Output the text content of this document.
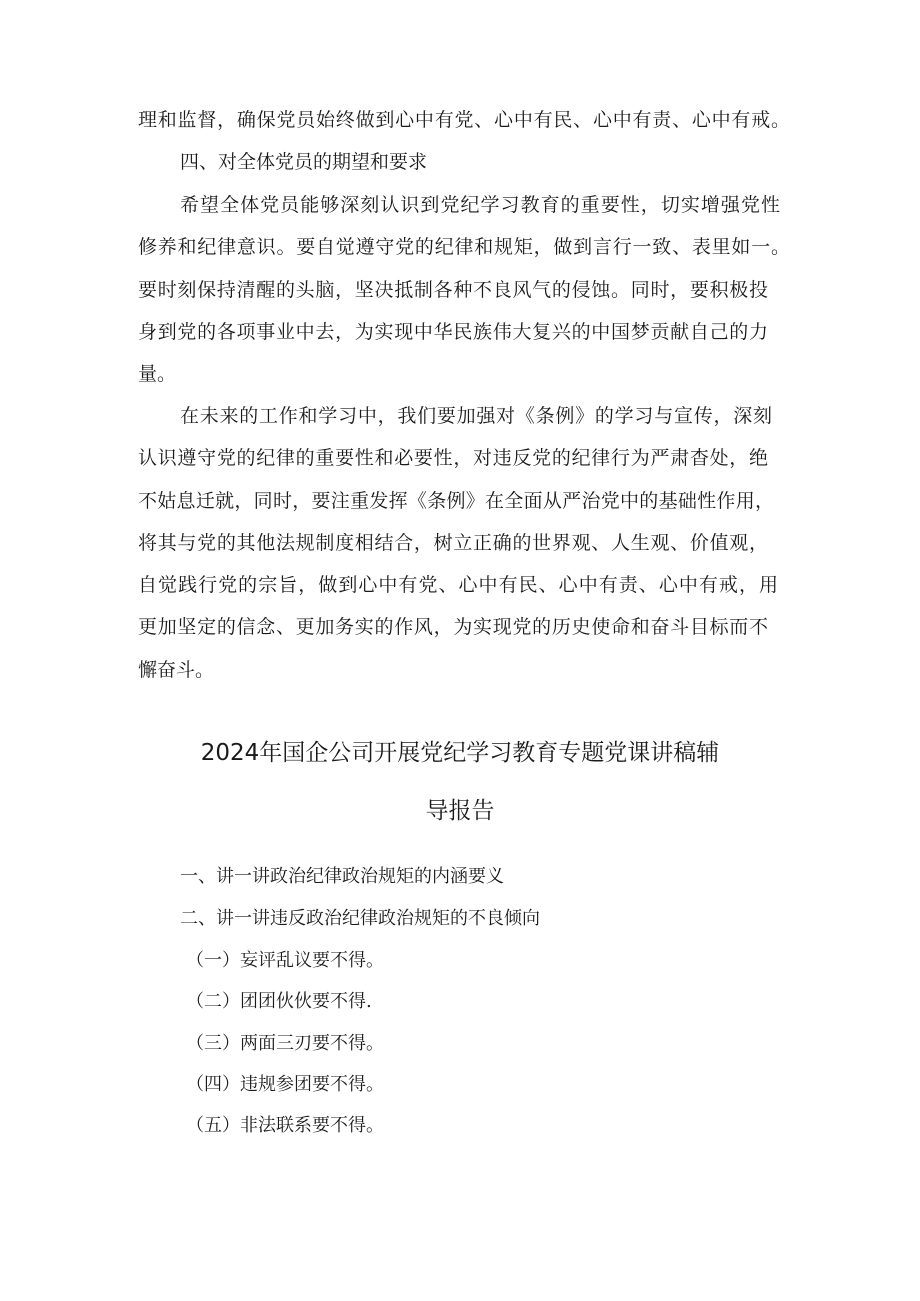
理和监督，确保党员始终做到心中有党、心中有民、心中有责、心中有戒。
四、对全体党员的期望和要求
希望全体党员能够深刻认识到党纪学习教育的重要性，切实增强党性
修养和纪律意识。要自觉遵守党的纪律和规矩，做到言行一致、表里如一。
要时刻保持清醒的头脑，坚决抵制各种不良风气的侵蚀。同时，要积极投
身到党的各项事业中去，为实现中华民族伟大复兴的中国梦贡献自己的力
量。
在未来的工作和学习中，我们要加强对《条例》的学习与宣传，深刻
认识遵守党的纪律的重要性和必要性，对违反党的纪律行为严肃杳处，绝
不姑息迁就，同时，要注重发挥《条例》在全面从严治党中的基础性作用，
将其与党的其他法规制度相结合，树立正确的世界观、人生观、价值观，
自觉践行党的宗旨，做到心中有党、心中有民、心中有责、心中有戒，用
更加坚定的信念、更加务实的作风，为实现党的历史使命和奋斗目标而不
懈奋斗。
2024年国企公司开展党纪学习教育专题党课讲稿辅
导报告
一、讲一讲政治纪律政治规矩的内涵要义
二、讲一讲违反政治纪律政治规矩的不良倾向
（一）妄评乱议要不得。
（二）团团伙伙要不得.
（三）两面三刃要不得。
（四）违规参团要不得。
（五）非法联系要不得。
